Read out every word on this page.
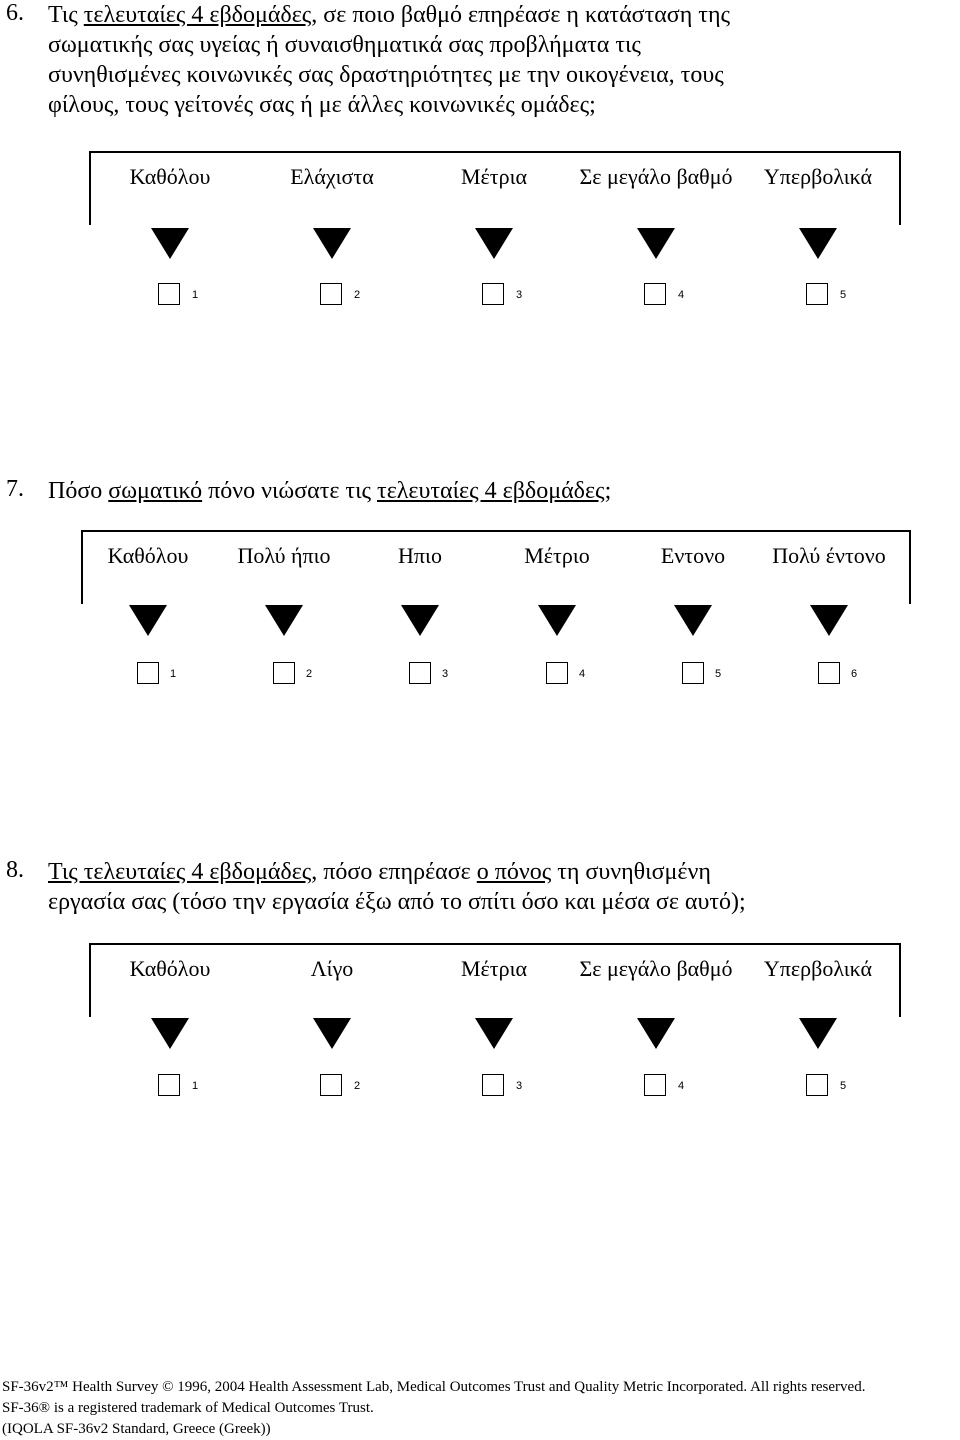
6. Τις τελευταίες 4 εβδομάδες, σε ποιο βαθμό επηρέασε η κατάσταση της
σωματικής σας υγείας ή συναισθηματικά σας προβλήματα τις
συνηθισμένες κοινωνικές σας δραστηριότητες με την οικογένεια, τους
φίλους, τους γείτονές σας ή με άλλες κοινωνικές ομάδες;
Καθόλου
1
Ελάχιστα
2
Μέτρια
3
Σε μεγάλο βαθμό
4
Υπερβολικά
5
7. Πόσο σωματικό πόνο νιώσατε τις τελευταίες 4 εβδομάδες;
Καθόλου
1
Πολύ ήπιο
2
Ηπιο
3
Μέτριο
4
Εντονο
5
Πολύ έντονο
6
8. Τις τελευταίες 4 εβδομάδες, πόσο επηρέασε ο πόνος τη συνηθισμένη
εργασία σας (τόσο την εργασία έξω από το σπίτι όσο και μέσα σε αυτό);
Καθόλου
1
Λίγο
2
Μέτρια
3
Σε μεγάλο βαθμό
4
Υπερβολικά
5
SF-36v2™ Health Survey © 1996, 2004 Health Assessment Lab, Medical Outcomes Trust and Quality Metric Incorporated. All rights reserved.
SF-36® is a registered trademark of Medical Outcomes Trust.
(IQOLA SF-36v2 Standard, Greece (Greek))
